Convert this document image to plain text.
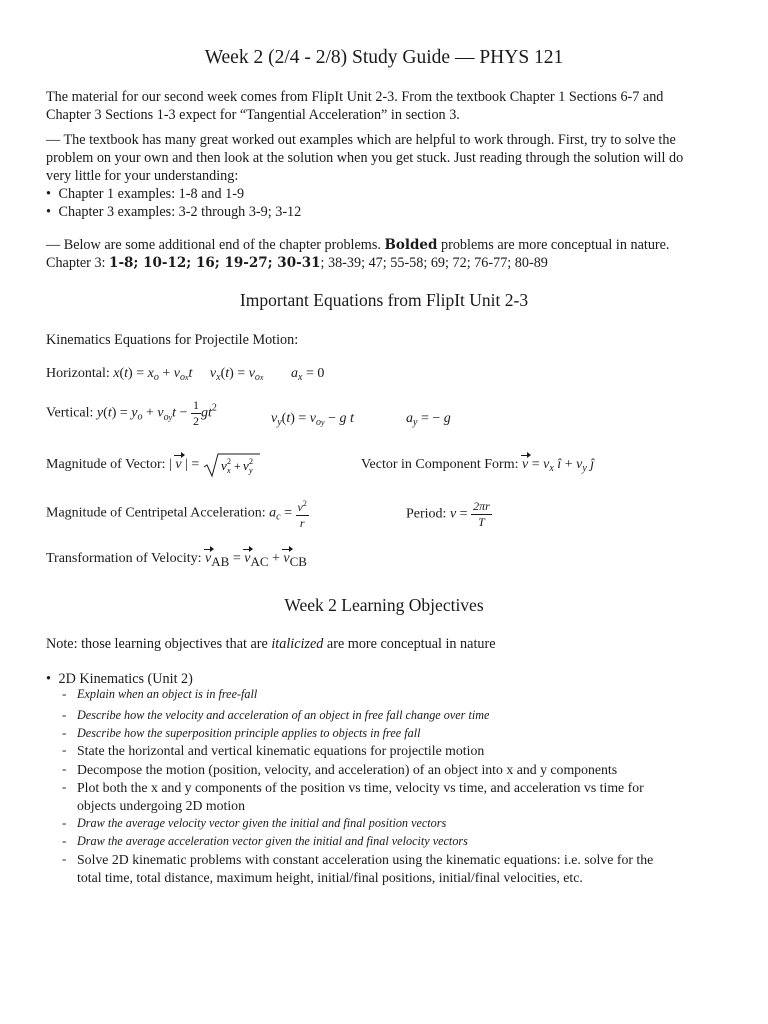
Week 2 (2/4 - 2/8) Study Guide — PHYS 121
The material for our second week comes from FlipIt Unit 2-3. From the textbook Chapter 1 Sections 6-7 and
Chapter 3 Sections 1-3 expect for “Tangential Acceleration” in section 3.
— The textbook has many great worked out examples which are helpful to work through. First, try to solve the
problem on your own and then look at the solution when you get stuck. Just reading through the solution will do
very little for your understanding:
• Chapter 1 examples: 1-8 and 1-9
• Chapter 3 examples: 3-2 through 3-9; 3-12
— Below are some additional end of the chapter problems. Bolded problems are more conceptual in nature.
Chapter 3: 1-8; 10-12; 16; 19-27; 30-31; 38-39; 47; 55-58; 69; 72; 76-77; 80-89
Important Equations from FlipIt Unit 2-3
Kinematics Equations for Projectile Motion:
Horizontal: $x(t) = x_o + v_{ox}t$ $v_x(t) = v_{ox}$ $a_x = 0$
Vertical: $y(t) = y_o + v_{oy}t - \frac{1}{2} gt^2$
$v_y(t) = v_{oy} - g$ t	$a_y$ = − g
Magnitude of Vector: | v | = v x
2 + v y
2	Vector in Component Form: $v = v_x$ î + $v_y$ ĵ
Magnitude of Centripetal Acceleration: $a_c = \frac{v^2}{r}$	Period: $v = \frac{2\pi r}{T}$
Transformation of Velocity: vAB = vAC + vCB
Week 2 Learning Objectives
Note: those learning objectives that are italicized are more conceptual in nature
• 2D Kinematics (Unit 2)
- Explain when an object is in free-fall
- Describe how the velocity and acceleration of an object in free fall change over time
- Describe how the superposition principle applies to objects in free fall
- State the horizontal and vertical kinematic equations for projectile motion
- Decompose the motion (position, velocity, and acceleration) of an object into x and y components
- Plot both the x and y components of the position vs time, velocity vs time, and acceleration vs time for
objects undergoing 2D motion
- Draw the average velocity vector given the initial and final position vectors
- Draw the average acceleration vector given the initial and final velocity vectors
- Solve 2D kinematic problems with constant acceleration using the kinematic equations: i.e. solve for the
total time, total distance, maximum height, initial/final positions, initial/final velocities, etc.
